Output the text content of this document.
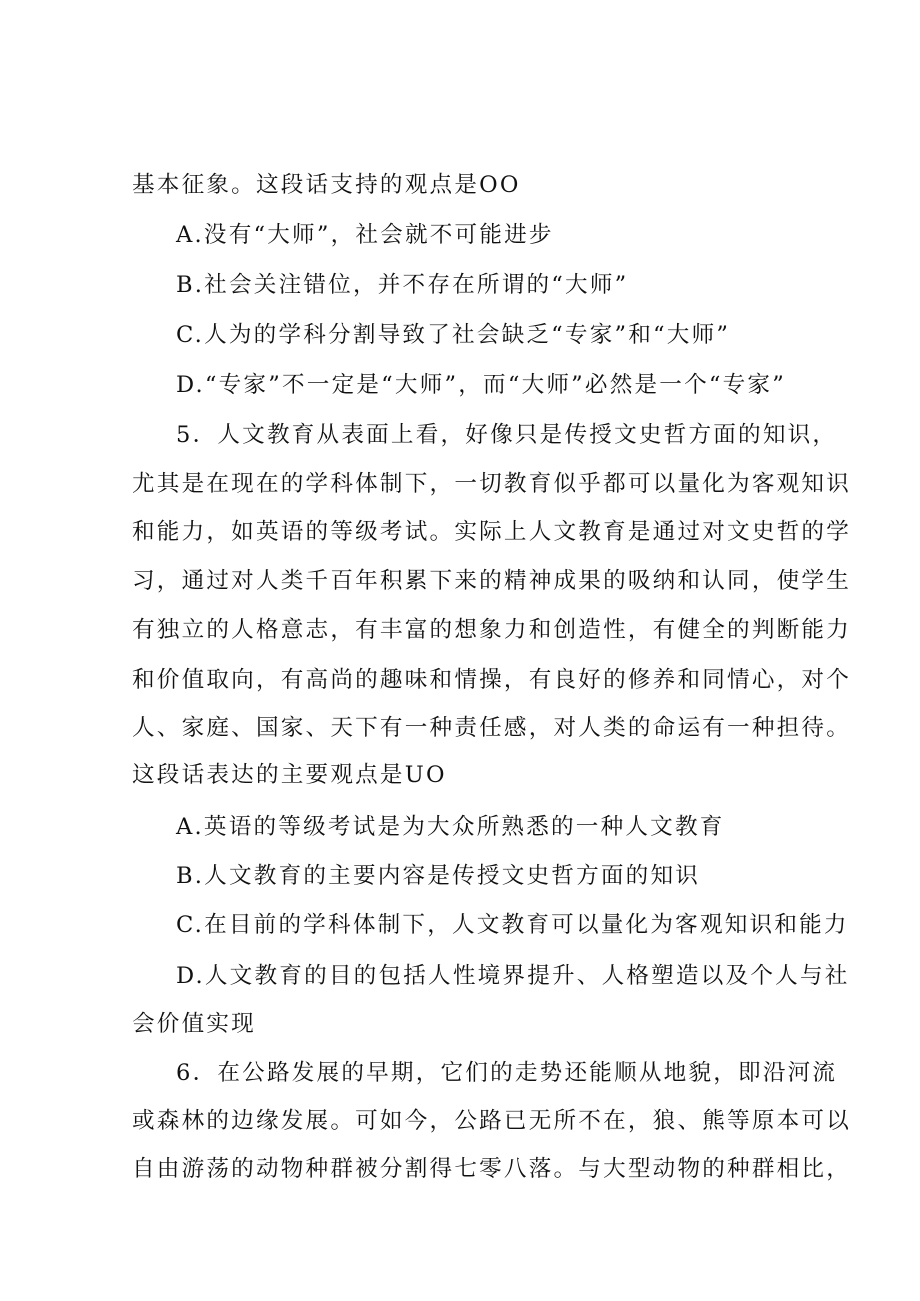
基本征象。这段话支持的观点是OO
A.没有“大师”，社会就不可能进步
B.社会关注错位，并不存在所谓的“大师”
C.人为的学科分割导致了社会缺乏“专家”和“大师”
D.“专家”不一定是“大师”，而“大师”必然是一个“专家”
5．人文教育从表面上看，好像只是传授文史哲方面的知识，
尤其是在现在的学科体制下，一切教育似乎都可以量化为客观知识
和能力，如英语的等级考试。实际上人文教育是通过对文史哲的学
习，通过对人类千百年积累下来的精神成果的吸纳和认同，使学生
有独立的人格意志，有丰富的想象力和创造性，有健全的判断能力
和价值取向，有高尚的趣味和情操，有良好的修养和同情心，对个
人、家庭、国家、天下有一种责任感，对人类的命运有一种担待。
这段话表达的主要观点是UO
A.英语的等级考试是为大众所熟悉的一种人文教育
B.人文教育的主要内容是传授文史哲方面的知识
C.在目前的学科体制下，人文教育可以量化为客观知识和能力
D.人文教育的目的包括人性境界提升、人格塑造以及个人与社
会价值实现
6．在公路发展的早期，它们的走势还能顺从地貌，即沿河流
或森林的边缘发展。可如今，公路已无所不在，狼、熊等原本可以
自由游荡的动物种群被分割得七零八落。与大型动物的种群相比，
